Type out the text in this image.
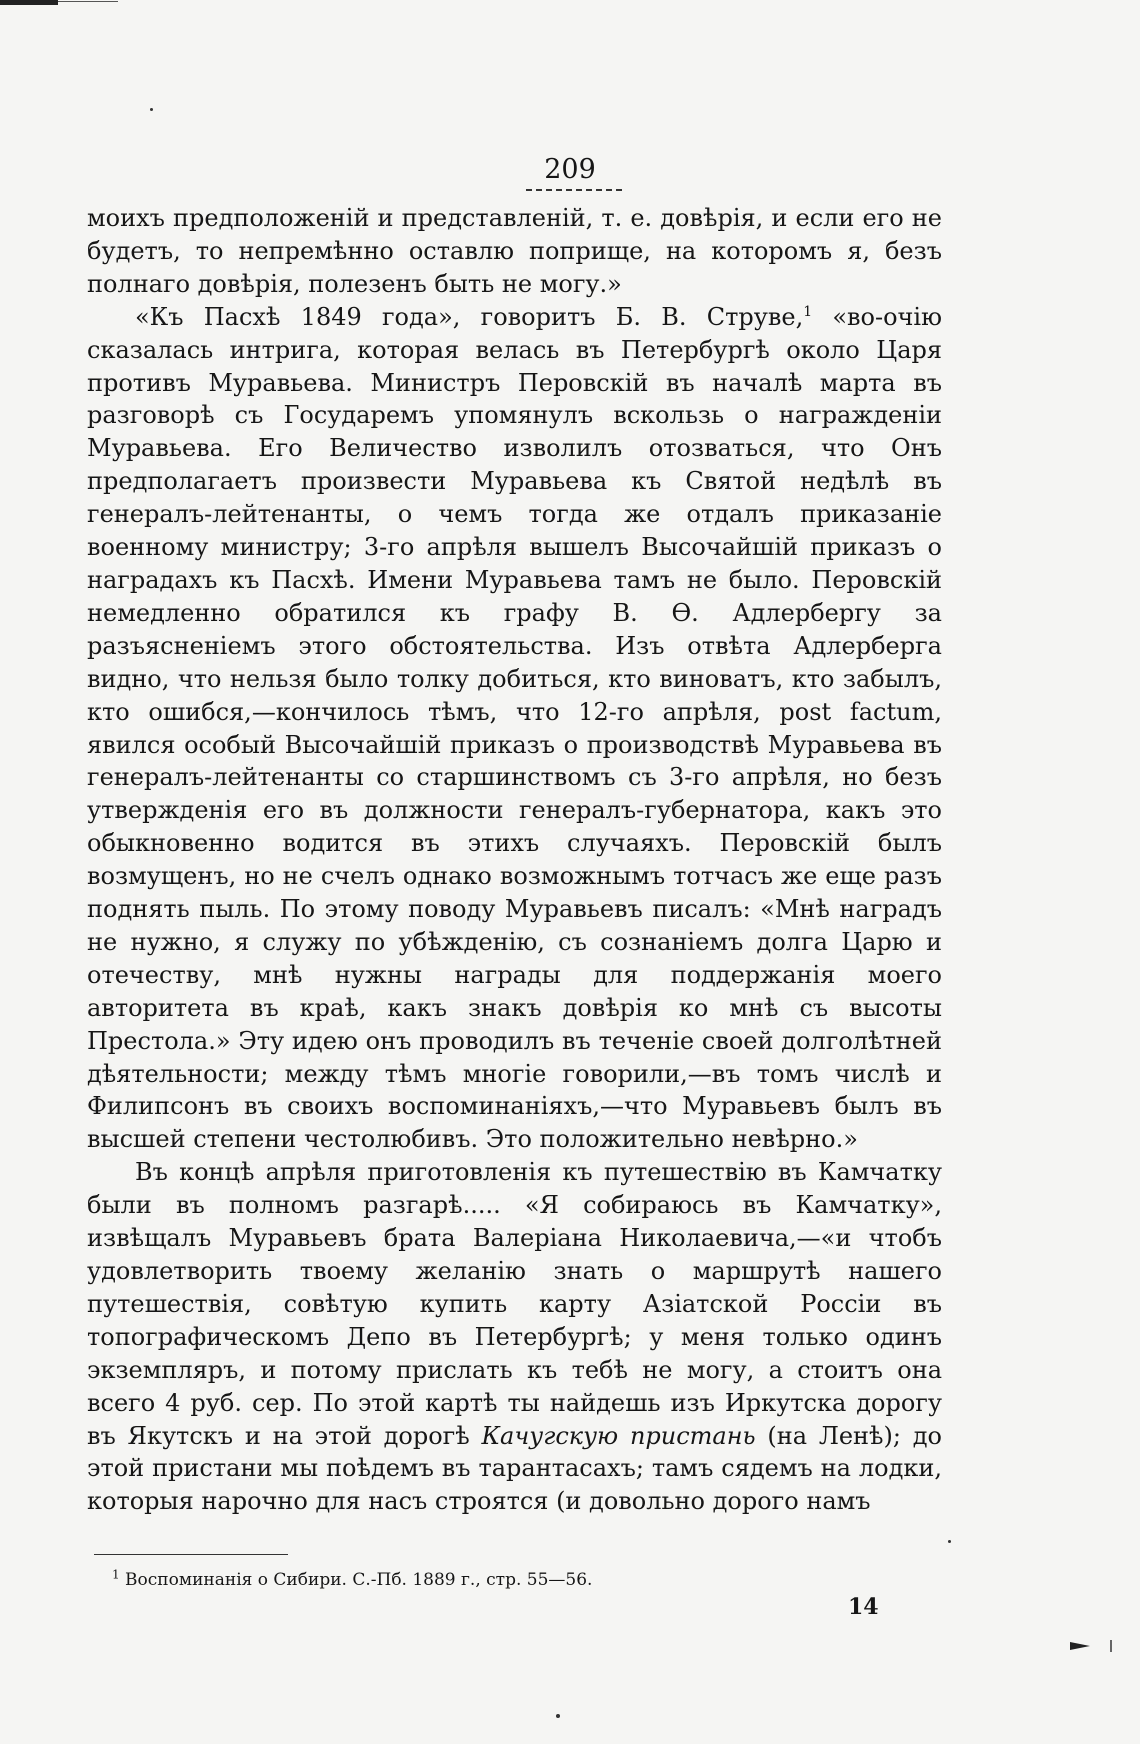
209

моихъ предположеній и представленій, т. е. довѣрія, и если его не будетъ, то непремѣнно оставлю поприще, на которомъ я, безъ полнаго довѣрія, полезенъ быть не могу.»

«Къ Пасхѣ 1849 года», говоритъ Б. В. Струве,$^1$ «во-очію сказалась интрига, которая велась въ Петербургѣ около Царя противъ Муравьева. Министръ Перовскій въ началѣ марта въ разговорѣ съ Государемъ упомянулъ вскользь о награжденіи Муравьева. Его Величество изволилъ отозваться, что Онъ предполагаетъ произвести Муравьева къ Святой недѣлѣ въ генералъ-лейтенанты, о чемъ тогда же отдалъ приказаніе военному министру; 3-го апрѣля вышелъ Высочайшій приказъ о наградахъ къ Пасхѣ. Имени Муравьева тамъ не было. Перовскій немедленно обратился къ графу В. Ѳ. Адлербергу за разъясненіемъ этого обстоятельства. Изъ отвѣта Адлерберга видно, что нельзя было толку добиться, кто виноватъ, кто забылъ, кто ошибся,—кончилось тѣмъ, что 12-го апрѣля, post factum, явился особый Высочайшій приказъ о производствѣ Муравьева въ генералъ-лейтенанты со старшинствомъ съ 3-го апрѣля, но безъ утвержденія его въ должности генералъ-губернатора, какъ это обыкновенно водится въ этихъ случаяхъ. Перовскій былъ возмущенъ, но не счелъ однако возможнымъ тотчасъ же еще разъ поднять пыль. По этому поводу Муравьевъ писалъ: «Мнѣ наградъ не нужно, я служу по убѣжденію, съ сознаніемъ долга Царю и отечеству, мнѣ нужны награды для поддержанія моего авторитета въ краѣ, какъ знакъ довѣрія ко мнѣ съ высоты Престола.» Эту идею онъ проводилъ въ теченіе своей долголѣтней дѣятельности; между тѣмъ многіе говорили,—въ томъ числѣ и Филипсонъ въ своихъ воспоминаніяхъ,—что Муравьевъ былъ въ высшей степени честолюбивъ. Это положительно невѣрно.»

Въ концѣ апрѣля приготовленія къ путешествію въ Камчатку были въ полномъ разгарѣ..... «Я собираюсь въ Камчатку», извѣщалъ Муравьевъ брата Валеріана Николаевича,—«и чтобъ удовлетворить твоему желанію знать о маршрутѣ нашего путешествія, совѣтую купить карту Азіатской Россіи въ топографическомъ Депо въ Петербургѣ; у меня только одинъ экземпляръ, и потому прислать къ тебѣ не могу, а стоитъ она всего 4 руб. сер. По этой картѣ ты найдешь изъ Иркутска дорогу въ Якутскъ и на этой дорогѣ Качугскую пристань (на Ленѣ); до этой пристани мы поѣдемъ въ тарантасахъ; тамъ сядемъ на лодки, которыя нарочно для насъ строятся (и довольно дорого намъ

$^1$ Воспоминанія о Сибири. С.-Пб. 1889 г., стр. 55—56.
14
